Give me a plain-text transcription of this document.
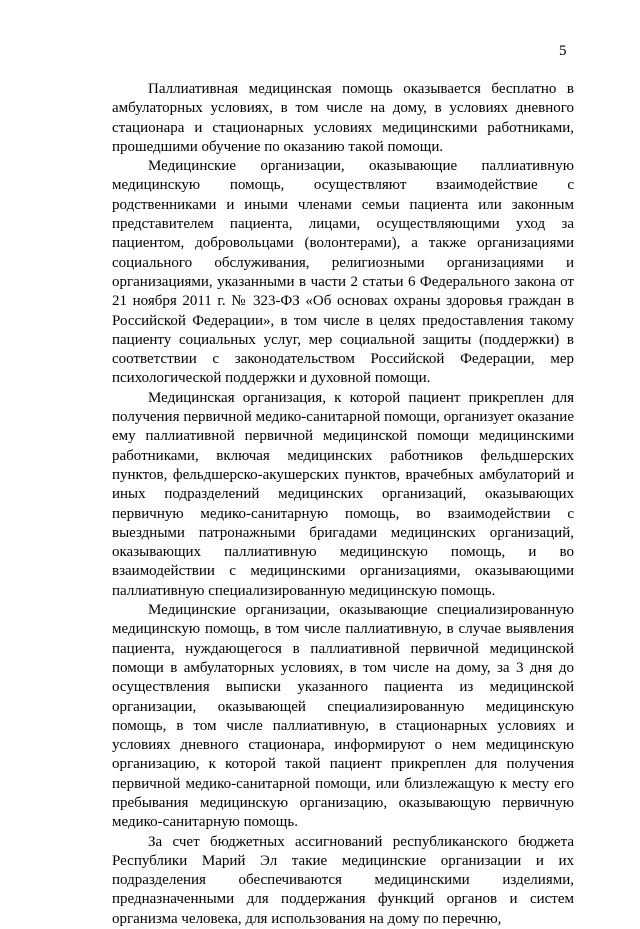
5

Паллиативная медицинская помощь оказывается бесплатно в амбулаторных условиях, в том числе на дому, в условиях дневного стационара и стационарных условиях медицинскими работниками, прошедшими обучение по оказанию такой помощи.

Медицинские организации, оказывающие паллиативную медицинскую помощь, осуществляют взаимодействие с родственниками и иными членами семьи пациента или законным представителем пациента, лицами, осуществляющими уход за пациентом, добровольцами (волонтерами), а также организациями социального обслуживания, религиозными организациями и организациями, указанными в части 2 статьи 6 Федерального закона от 21 ноября 2011 г. № 323-ФЗ «Об основах охраны здоровья граждан в Российской Федерации», в том числе в целях предоставления такому пациенту социальных услуг, мер социальной защиты (поддержки) в соответствии с законодательством Российской Федерации, мер психологической поддержки и духовной помощи.

Медицинская организация, к которой пациент прикреплен для получения первичной медико-санитарной помощи, организует оказание ему паллиативной первичной медицинской помощи медицинскими работниками, включая медицинских работников фельдшерских пунктов, фельдшерско-акушерских пунктов, врачебных амбулаторий и иных подразделений медицинских организаций, оказывающих первичную медико-санитарную помощь, во взаимодействии с выездными патронажными бригадами медицинских организаций, оказывающих паллиативную медицинскую помощь, и во взаимодействии с медицинскими организациями, оказывающими паллиативную специализированную медицинскую помощь.

Медицинские организации, оказывающие специализированную медицинскую помощь, в том числе паллиативную, в случае выявления пациента, нуждающегося в паллиативной первичной медицинской помощи в амбулаторных условиях, в том числе на дому, за 3 дня до осуществления выписки указанного пациента из медицинской организации, оказывающей специализированную медицинскую помощь, в том числе паллиативную, в стационарных условиях и условиях дневного стационара, информируют о нем медицинскую организацию, к которой такой пациент прикреплен для получения первичной медико-санитарной помощи, или близлежащую к месту его пребывания медицинскую организацию, оказывающую первичную медико-санитарную помощь.

За счет бюджетных ассигнований республиканского бюджета Республики Марий Эл такие медицинские организации и их подразделения обеспечиваются медицинскими изделиями, предназначенными для поддержания функций органов и систем организма человека, для использования на дому по перечню,
